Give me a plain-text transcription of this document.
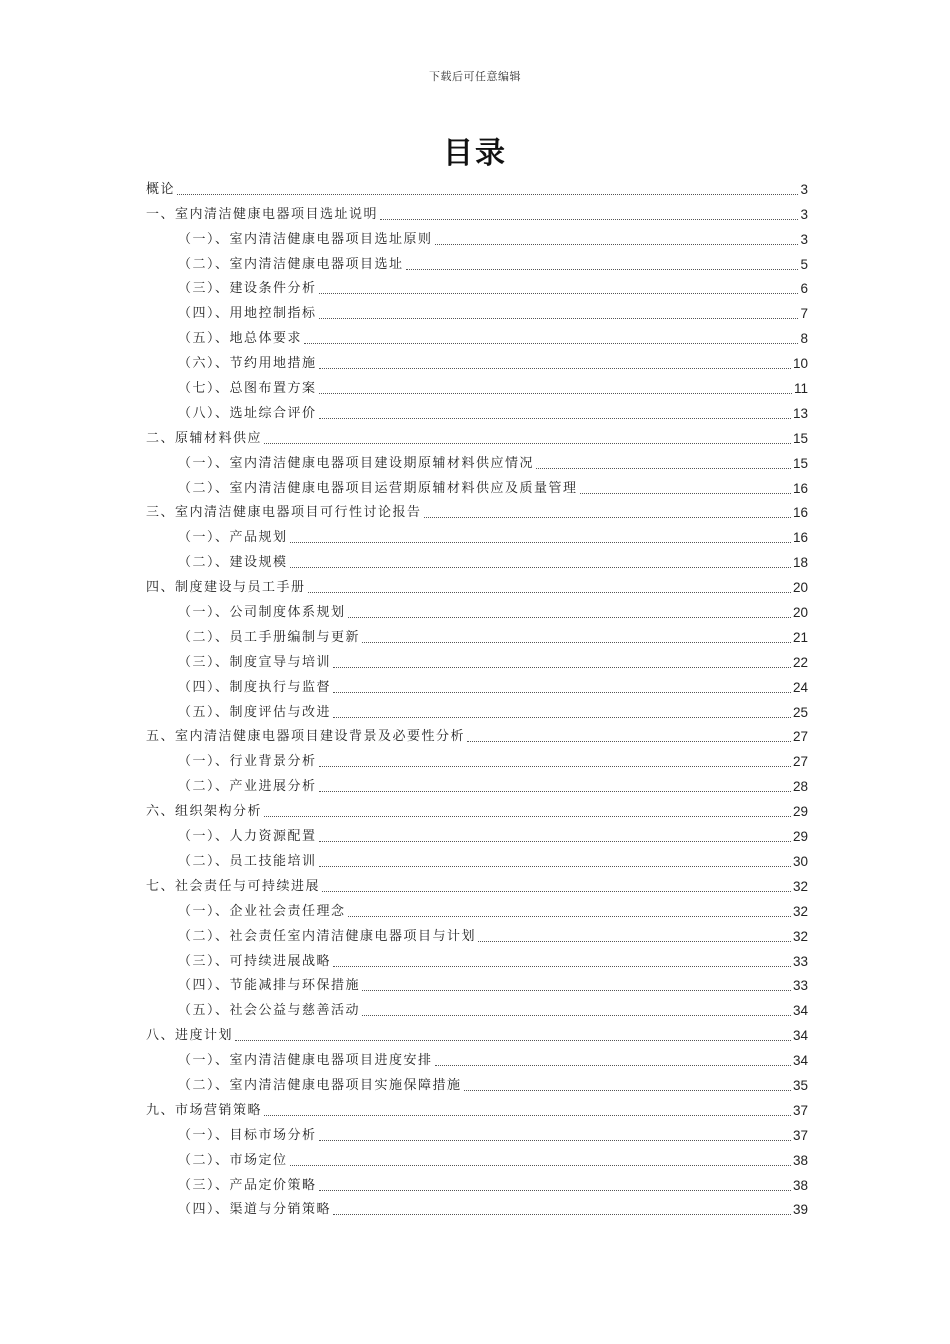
下载后可任意编辑
目录
概论	3
一、室内清洁健康电器项目选址说明	3
（一）、室内清洁健康电器项目选址原则	3
（二）、室内清洁健康电器项目选址	5
（三）、建设条件分析	6
（四）、用地控制指标	7
（五）、地总体要求	8
（六）、节约用地措施	10
（七）、总图布置方案	11
（八）、选址综合评价	13
二、原辅材料供应	15
（一）、室内清洁健康电器项目建设期原辅材料供应情况	15
（二）、室内清洁健康电器项目运营期原辅材料供应及质量管理	16
三、室内清洁健康电器项目可行性讨论报告	16
（一）、产品规划	16
（二）、建设规模	18
四、制度建设与员工手册	20
（一）、公司制度体系规划	20
（二）、员工手册编制与更新	21
（三）、制度宣导与培训	22
（四）、制度执行与监督	24
（五）、制度评估与改进	25
五、室内清洁健康电器项目建设背景及必要性分析	27
（一）、行业背景分析	27
（二）、产业进展分析	28
六、组织架构分析	29
（一）、人力资源配置	29
（二）、员工技能培训	30
七、社会责任与可持续进展	32
（一）、企业社会责任理念	32
（二）、社会责任室内清洁健康电器项目与计划	32
（三）、可持续进展战略	33
（四）、节能减排与环保措施	33
（五）、社会公益与慈善活动	34
八、进度计划	34
（一）、室内清洁健康电器项目进度安排	34
（二）、室内清洁健康电器项目实施保障措施	35
九、市场营销策略	37
（一）、目标市场分析	37
（二）、市场定位	38
（三）、产品定价策略	38
（四）、渠道与分销策略	39
